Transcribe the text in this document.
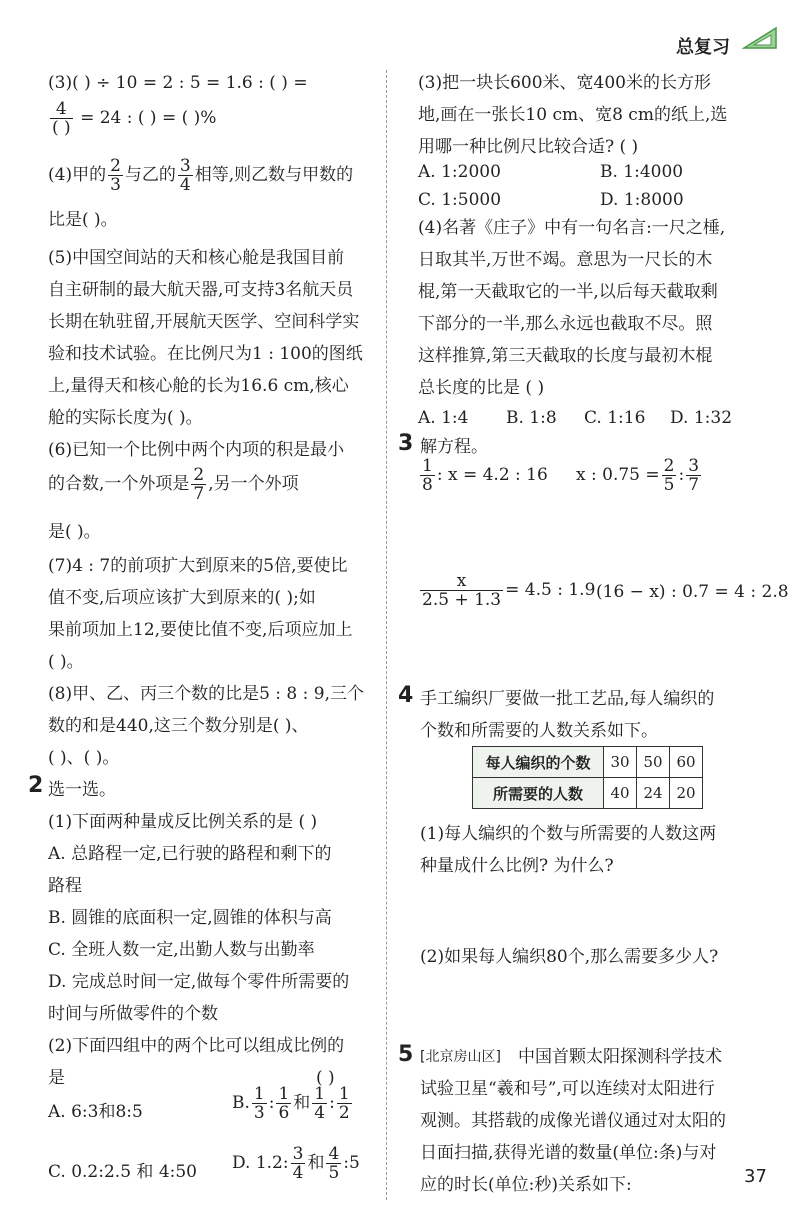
总复习
(3)( ) ÷ 10 = 2 : 5 = 1.6 : ( ) =
$\frac{4}{( )} = 24$ : ( ) = ( )%
(4)甲的 $\frac{2}{3}$ 与乙的 $\frac{3}{4}$ 相等,则乙数与甲数的
比是( )。
(5)中国空间站的天和核心舱是我国目前
自主研制的最大航天器,可支持3名航天员
长期在轨驻留,开展航天医学、空间科学实
验和技术试验。在比例尺为1 : 100的图纸
上,量得天和核心舱的长为16.6 cm,核心
舱的实际长度为( )。
(6)已知一个比例中两个内项的积是最小
的合数,一个外项是 $\frac{2}{7}$ ,另一个外项
是( )。
(7)4 : 7的前项扩大到原来的5倍,要使比
值不变,后项应该扩大到原来的( );如
果前项加上12,要使比值不变,后项应加上
( )。
(8)甲、乙、丙三个数的比是5 : 8 : 9,三个
数的和是440,这三个数分别是( )、
( )、( )。
2 选一选。
(1)下面两种量成反比例关系的是 ( )
A. 总路程一定,已行驶的路程和剩下的
路程
B. 圆锥的底面积一定,圆锥的体积与高
C. 全班人数一定,出勤人数与出勤率
D. 完成总时间一定,做每个零件所需要的
时间与所做零件的个数
(2)下面四组中的两个比可以组成比例的
是	( )
A. 6:3和8:5	B. $\frac{1}{3}$ : $\frac{1}{6}$ 和 $\frac{1}{4}$ : $\frac{1}{2}$
C. 0.2:2.5 和 4:50 D. 1.2: $\frac{3}{4}$ 和 $\frac{4}{5}$ :5
(3)把一块长600米、宽400米的长方形
地,画在一张长10 cm、宽8 cm的纸上,选
用哪一种比例尺比较合适? ( )
A. 1:2000	B. 1:4000
C. 1:5000	D. 1:8000
(4)名著《庄子》中有一句名言:一尺之棰,
日取其半,万世不竭。意思为一尺长的木
棍,第一天截取它的一半,以后每天截取剩
下部分的一半,那么永远也截取不尽。照
这样推算,第三天截取的长度与最初木棍
总长度的比是 ( )
A. 1:4 B. 1:8 C. 1:16 D. 1:32
3 解方程。
$\frac{1}{8}$ : x = 4.2 : 16 x : $0.75 = \frac{2}{5}$ : $\frac{3}{7}$
$\frac{x}{2.5 + 1.3} = 4.5$ : 1.9 (16 − x) : 0.7 = 4 : 2.8
4 手工编织厂要做一批工艺品,每人编织的
个数和所需要的人数关系如下。
每人编织的个数	30	50	60
所需要的人数	40	24	20
(1)每人编织的个数与所需要的人数这两
种量成什么比例? 为什么?
(2)如果每人编织80个,那么需要多少人?
5 [北京房山区] 中国首颗太阳探测科学技术
试验卫星“羲和号”,可以连续对太阳进行
观测。其搭载的成像光谱仪通过对太阳的
日面扫描,获得光谱的数量(单位:条)与对
应的时长(单位:秒)关系如下:	37
